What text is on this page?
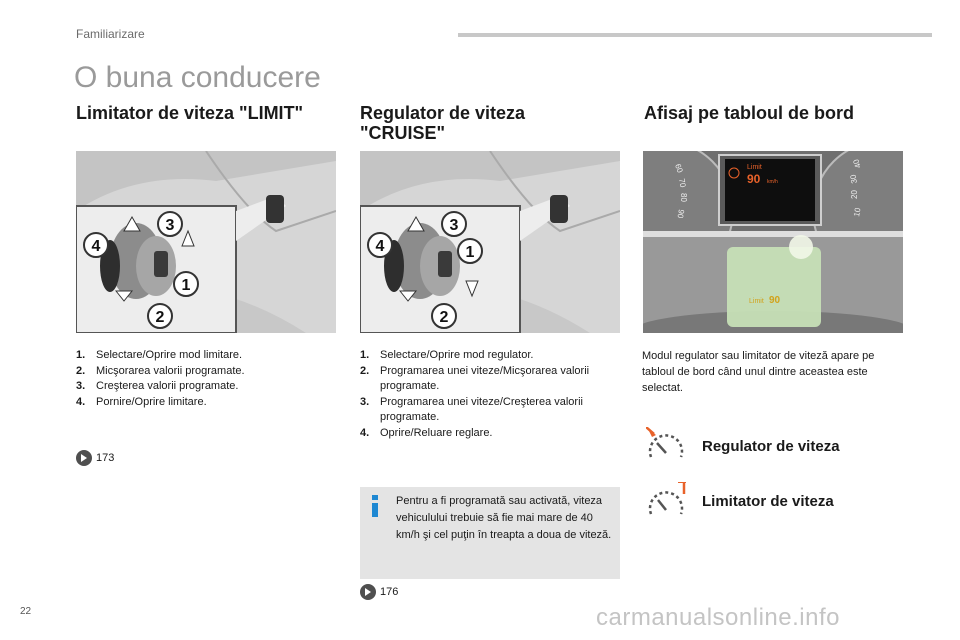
Familiarizare
O buna conducere
Limitator de viteza "LIMIT"
3
4
1
2
1. Selectare/Oprire mod limitare.
2. Micşorarea valorii programate.
3. Creşterea valorii programate.
4. Pornire/Oprire limitare.
173
Regulator de viteza
"CRUISE"
3
4	1
2
1. Selectare/Oprire mod regulator.
2. Programarea unei viteze/Micşorarea valorii programate.
3. Programarea unei viteze/Creşterea valorii programate.
4. Oprire/Reluare reglare.
Pentru a fi programată sau activată, viteza vehiculului trebuie să fie mai mare de 40 km/h şi cel puţin în treapta a doua de viteză.
176
Afisaj pe tabloul de bord
60
70
80
90	10
20
30
40
Limit
90 km/h
Limit 90
Modul regulator sau limitator de viteză apare pe tabloul de bord când unul dintre aceastea este selectat.
Regulator de viteza
Limitator de viteza
22	carmanualsonline.info
